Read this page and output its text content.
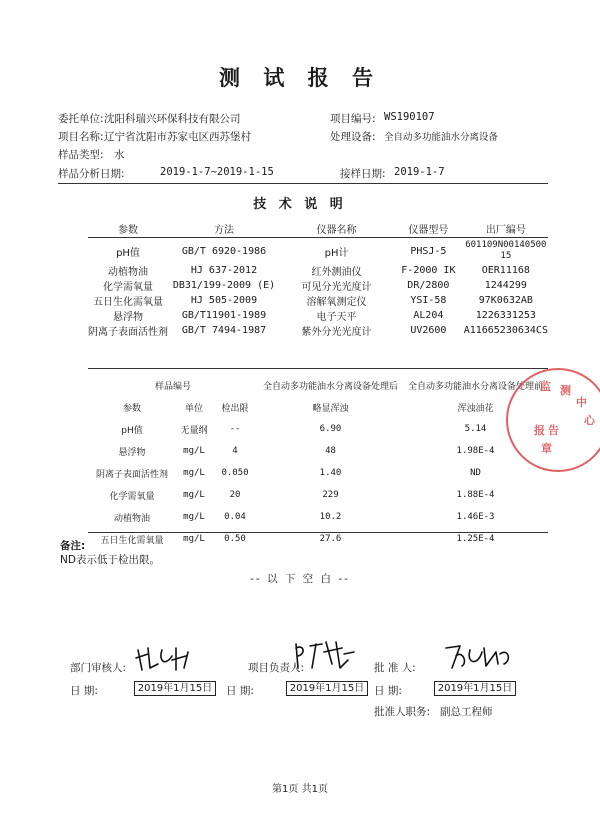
测 试 报 告
委托单位: 沈阳科瑞兴环保科技有限公司	项目编号: WS190107
项目名称: 辽宁省沈阳市苏家屯区西苏堡村	处理设备: 全自动多功能油水分离设备
样品类型: 水
样品分析日期:	2019-1-7~2019-1-15	接样日期: 2019-1-7
技 术 说 明
参数	方法	仪器名称	仪器型号	出厂编号

pH值	GB/T 6920-1986	pH计	PHSJ-5	601109N00140500
15
动植物油	HJ 637-2012	红外测油仪	F-2000 IK	OER11168
化学需氧量	DB31/199-2009 (E)	可见分光光度计	DR/2800	1244299
五日生化需氧量	HJ 505-2009	溶解氧测定仪	YSI-58	97K0632AB
悬浮物	GB/T11901-1989	电子天平	AL204	1226331253
阴离子表面活性剂	GB/T 7494-1987	紫外分光光度计	UV2600	A11665230634CS
样品编号			全自动多功能油水分离设备处理后	全自动多功能油水分离设备处理前
参数	单位	检出限	略显浑浊	浑浊油花
pH值	无量纲	--	6.90	5.14
悬浮物	mg/L	4	48	1.98E-4
阴离子表面活性剂	mg/L	0.050	1.40	ND
化学需氧量	mg/L	20	229	1.88E-4
动植物油	mg/L	0.04	10.2	1.46E-3
五日生化需氧量	mg/L	0.50	27.6	1.25E-4
监 测
中
心
报 告
章
备注:
ND表示低于检出限。
-- 以 下 空 白 --
部门审核人:	项目负责人:	批 准 人:
日 期:	2019年1月15日	日 期:	2019年1月15日 日 期:	2019年1月15日
批准人职务: 副总工程师
第1页 共1页
